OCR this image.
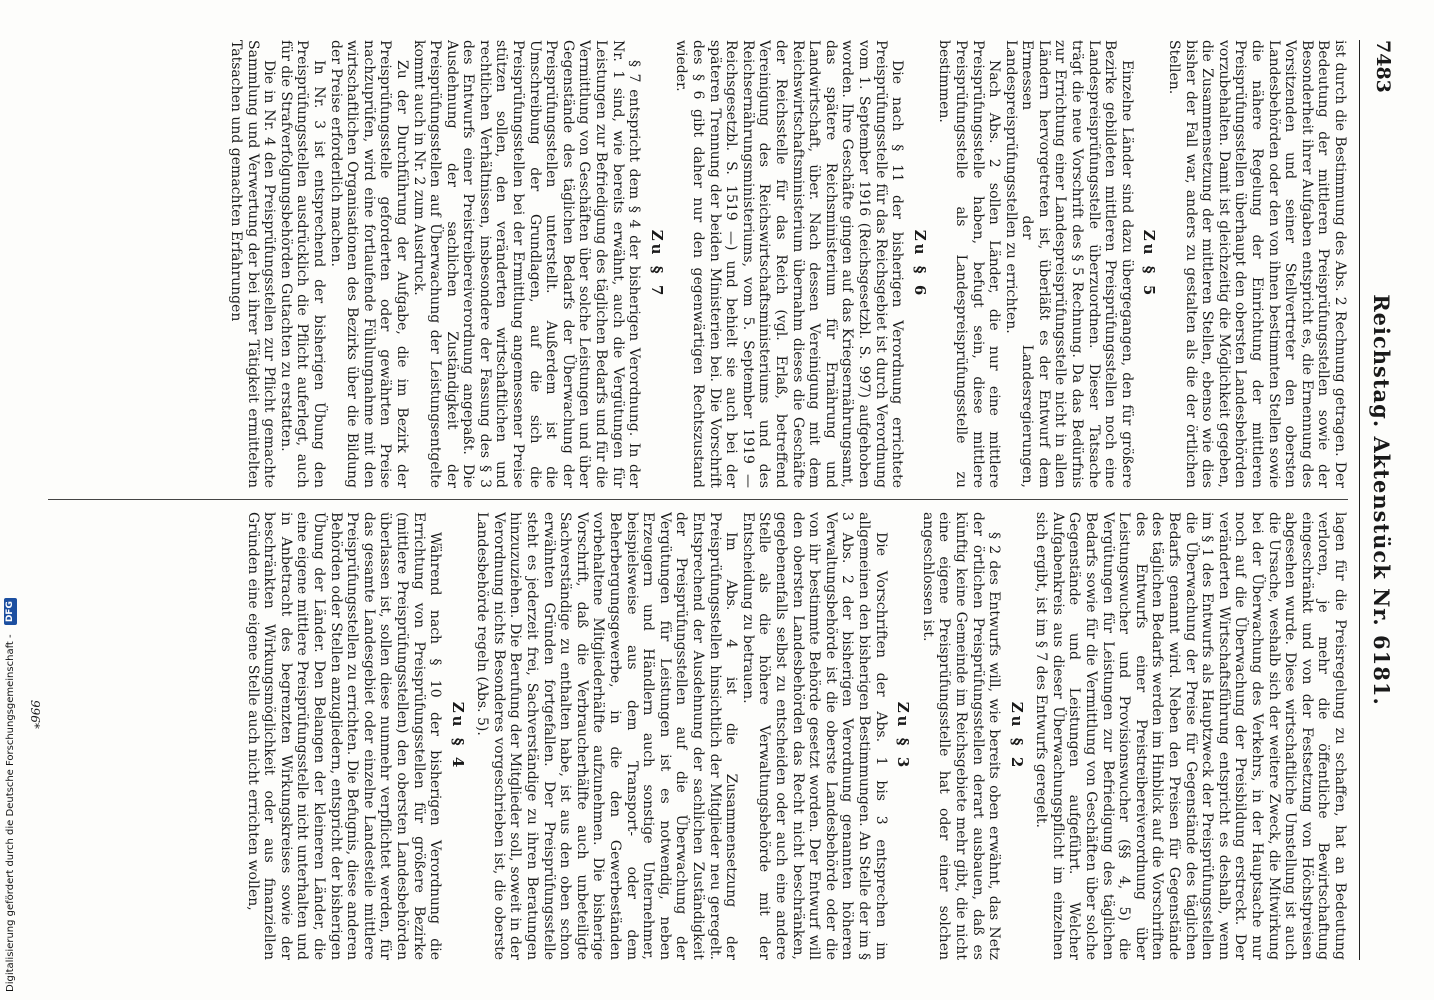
7483
Reichstag. Aktenstück Nr. 6181.

ist durch die Bestimmung des Abs. 2 Rechnung getragen. Der Bedeutung der mittleren Preisprüfungsstellen sowie der Besonderheit ihrer Aufgaben entspricht es, die Ernennung des Vorsitzenden und seiner Stellvertreter den obersten Landesbehörden oder den von ihnen bestimmten Stellen sowie die nähere Regelung der Einrichtung der mittleren Preisprüfungsstellen überhaupt den obersten Landesbehörden vorzubehalten. Damit ist gleichzeitig die Möglichkeit gegeben, die Zusammensetzung der mittleren Stellen, ebenso wie dies bisher der Fall war, anders zu gestalten als die der örtlichen Stellen.

Zu § 5

Einzelne Länder sind dazu übergegangen, den für größere Bezirke gebildeten mittleren Preisprüfungsstellen noch eine Landespreisprüfungsstelle überzuordnen. Dieser Tatsache trägt die neue Vorschrift des § 5 Rechnung. Da das Bedürfnis zur Errichtung einer Landespreisprüfungsstelle nicht in allen Ländern hervorgetreten ist, überläßt es der Entwurf dem Ermessen der Landesregierungen, Landespreisprüfungsstellen zu errichten.

Nach Abs. 2 sollen Länder, die nur eine mittlere Preisprüfungsstelle haben, befugt sein, diese mittlere Preisprüfungsstelle als Landespreisprüfungsstelle zu bestimmen.

Zu § 6

Die nach § 11 der bisherigen Verordnung errichtete Preisprüfungsstelle für das Reichsgebiet ist durch Verordnung vom 1. September 1916 (Reichsgesetzbl. S. 997) aufgehoben worden. Ihre Geschäfte gingen auf das Kriegsernährungsamt, das spätere Reichsministerium für Ernährung und Landwirtschaft, über. Nach dessen Vereinigung mit dem Reichswirtschaftsministerium übernahm dieses die Geschäfte der Reichsstelle für das Reich (vgl. Erlaß, betreffend Vereinigung des Reichswirtschaftsministeriums und des Reichsernährungsministeriums, vom 5. September 1919 — Reichsgesetzbl. S. 1519 —) und behielt sie auch bei der späteren Trennung der beiden Ministerien bei. Die Vorschrift des § 6 gibt daher nur den gegenwärtigen Rechtszustand wieder.

Zu § 7

§ 7 entspricht dem § 4 der bisherigen Verordnung. In der Nr. 1 sind, wie bereits erwähnt, auch die Vergütungen für Leistungen zur Befriedigung des täglichen Bedarfs und für die Vermittlung von Geschäften über solche Leistungen und über Gegenstände des täglichen Bedarfs der Überwachung der Preisprüfungsstellen unterstellt. Außerdem ist die Umschreibung der Grundlagen, auf die sich die Preisprüfungsstellen bei der Ermittlung angemessener Preise stützen sollen, den veränderten wirtschaftlichen und rechtlichen Verhältnissen, insbesondere der Fassung des § 3 des Entwurfs einer Preistreibereiverordnung angepaßt. Die Ausdehnung der sachlichen Zuständigkeit der Preisprüfungsstellen auf Überwachung der Leistungsentgelte kommt auch in Nr. 2 zum Ausdruck.

Zu der Durchführung der Aufgabe, die im Bezirk der Preisprüfungsstelle geforderten oder gewährten Preise nachzuprüfen, wird eine fortlaufende Fühlungnahme mit den wirtschaftlichen Organisationen des Bezirks über die Bildung der Preise erforderlich machen.

In Nr. 3 ist entsprechend der bisherigen Übung den Preisprüfungsstellen ausdrücklich die Pflicht auferlegt, auch für die Strafverfolgungsbehörden Gutachten zu erstatten.

Die in Nr. 4 den Preisprüfungsstellen zur Pflicht gemachte Sammlung und Verwertung der bei ihrer Tätigkeit ermittelten Tatsachen und gemachten Erfahrungen

lagen für die Preisregelung zu schaffen, hat an Bedeutung verloren, je mehr die öffentliche Bewirtschaftung eingeschränkt und von der Festsetzung von Höchstpreisen abgesehen wurde. Diese wirtschaftliche Umstellung ist auch die Ursache, weshalb sich der weitere Zweck, die Mitwirkung bei der Überwachung des Verkehrs, in der Hauptsache nur noch auf die Überwachung der Preisbildung erstreckt. Der veränderten Wirtschaftsführung entspricht es deshalb, wenn im § 1 des Entwurfs als Hauptzweck der Preisprüfungsstellen die Überwachung der Preise für Gegenstände des täglichen Bedarfs genannt wird. Neben den Preisen für Gegenstände des täglichen Bedarfs werden im Hinblick auf die Vorschriften des Entwurfs einer Preistreibereiverordnung über Leistungswucher und Provisionswucher (§§ 4, 5) die Vergütungen für Leistungen zur Befriedigung des täglichen Bedarfs sowie für die Vermittlung von Geschäften über solche Gegenstände und Leistungen aufgeführt. Welcher Aufgabenkreis aus dieser Überwachungspflicht im einzelnen sich ergibt, ist im § 7 des Entwurfs geregelt.

Zu § 2

§ 2 des Entwurfs will, wie bereits oben erwähnt, das Netz der örtlichen Preisprüfungsstellen derart ausbauen, daß es künftig keine Gemeinde im Reichsgebiete mehr gibt, die nicht eine eigene Preisprüfungsstelle hat oder einer solchen angeschlossen ist.

Zu § 3

Die Vorschriften der Abs. 1 bis 3 entsprechen im allgemeinen den bisherigen Bestimmungen. An Stelle der im § 3 Abs. 2 der bisherigen Verordnung genannten höheren Verwaltungsbehörde ist die oberste Landesbehörde oder die von ihr bestimmte Behörde gesetzt worden. Der Entwurf will den obersten Landesbehörden das Recht nicht beschränken, gegebenenfalls selbst zu entscheiden oder auch eine andere Stelle als die höhere Verwaltungsbehörde mit der Entscheidung zu betrauen.

Im Abs. 4 ist die Zusammensetzung der Preisprüfungsstellen hinsichtlich der Mitglieder neu geregelt. Entsprechend der Ausdehnung der sachlichen Zuständigkeit der Preisprüfungsstellen auf die Überwachung der Vergütungen für Leistungen ist es notwendig, neben Erzeugern und Händlern auch sonstige Unternehmer, beispielsweise aus dem Transport- oder dem Beherbergungsgewerbe, in die den Gewerbeständen vorbehaltene Mitgliederhälfte aufzunehmen. Die bisherige Vorschrift, daß die Verbraucherhälfte auch unbeteiligte Sachverständige zu enthalten habe, ist aus den oben schon erwähnten Gründen fortgefallen. Der Preisprüfungsstelle steht es jederzeit frei, Sachverständige zu ihren Beratungen hinzuzuziehen. Die Berufung der Mitglieder soll, soweit in der Verordnung nichts Besonderes vorgeschrieben ist, die oberste Landesbehörde regeln (Abs. 5).

Zu § 4

Während nach § 10 der bisherigen Verordnung die Errichtung von Preisprüfungsstellen für größere Bezirke (mittlere Preisprüfungsstellen) den obersten Landesbehörden überlassen ist, sollen diese nunmehr verpflichtet werden, für das gesamte Landesgebiet oder einzelne Landesteile mittlere Preisprüfungsstellen zu errichten. Die Befugnis, diese anderen Behörden oder Stellen anzugliedern, entspricht der bisherigen Übung der Länder. Den Belangen der kleineren Länder, die eine eigene mittlere Preisprüfungsstelle nicht unterhalten und in Anbetracht des begrenzten Wirkungskreises sowie der beschränkten Wirkungsmöglichkeit oder aus finanziellen Gründen eine eigene Stelle auch nicht errichten wollen,

996*
Digitalisierung gefördert durch die Deutsche Forschungsgemeinschaft - DFG
